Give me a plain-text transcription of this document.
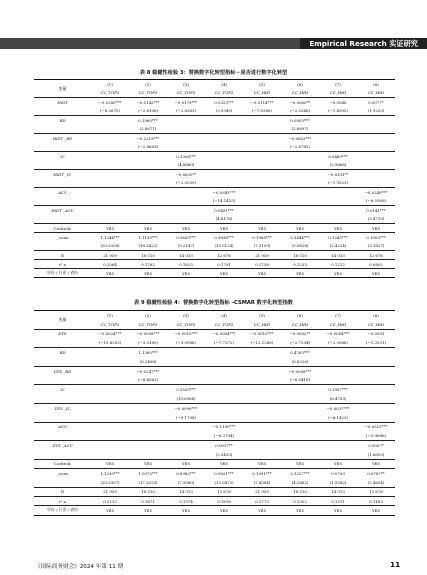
Empirical Research 实证研究
表 8 稳健性检验 3：替换数字化转型指标－是否进行数字化转型
变量	(1)	(2)	(3)	(4)	(5)	(6)	(7)	(8)
	CC_TOP5	CC_TOP5	CC_TOP5	CC_TOP5	CC_HHI	CC_HHI	CC_HHI	CC_HHI
HiDT	−0.0280***	−0.0142***	−0.0179***	0.0323***	−0.0114***	−0.0060**	−0.0048	0.0077*
	(−8.2670)	(−2.8106)	(−2.8383)	(3.0949)	(−7.5368)	(−2.5346)	(−1.4995)	(1.9253)
RD		0.1060***				0.0953***		
		(2.8671)				(2.8897)		
HiDT _RD		−0.2219***				−0.0803***		
		(−2.8669)				(−2.8785)		
IC			0.1306***				0.0489***	
			(4.8880)				(2.9868)	
HiDT _IC			−0.0635**				−0.0331**	
			(−2.0299)				(−1.9323)	
ACV				−0.0945***				−0.0249***
				(−14.1425)				(−8.5589)
HiDT _ACV				0.0491***				0.0141***
				(4.8176)				(3.4710)
Controls	YES	YES	YES	YES	YES	YES	YES	YES
_cons	1.1244***	1.1139***	0.9630***	0.9936***	0.1968***	0.1444***	0.1245***	0.1003***
	(20.3358)	(18.3422)	(9.2147)	(13.9124)	(7.3159)	(5.0828)	(2.4214)	(3.1827)
N	21 959	18 510	14 013	12 676	21 959	18 510	14 013	12 676
r².a	0.2064	0.1782	0.1825	0.1791	0.1738	0.1233	0.1212	0.0892
年份 / 行业 / 省份	YES	YES	YES	YES	YES	YES	YES	YES
表 9 稳健性检验 4：替换数字化转型指标 –CSMAR 数字化转型指数
变量	(1)	(2)	(3)	(4)	(5)	(6)	(7)	(8)
	CC_TOP5	CC_TOP5	CC_TOP5	CC_TOP5	CC_HHI	CC_HHI	CC_HHI	CC_HHI
DTS	−0.0024***	−0.0008***	−0.0010***	−0.0004***	−0.0010***	−0.0002**	−0.0004***	−0.0001
	(−13.8203)	(−3.3180)	(−3.0986)	(−7.7372)	(−12.1286)	(−2.7294)	(−2.3966)	(−1.3531)
RD		1.1380***				0.4763***		
		(8.2408)				(6.8226)		
DTS _RD		−0.0247***				−0.0098***		
		(−8.4062)				(−6.9416)		
IC			0.5539***				0.1997***	
			(10.6966)				(6.4753)	
DTS _IC			−0.0099***				−0.0037***	
			(−9.1798)				(−6.1422)	
ACV				−0.1199***				−0.0315***
				(−6.3794)				(−3.9686)
DTS _ACV				0.0017**				0.0007*
				(2.5433)				(1.6693)
Controls	YES	YES	YES	YES	YES	YES	YES	YES
_cons	1.1299***	1.0073***	0.8382***	0.9621***	0.1991***	0.1227***	0.0793	0.0787**
	(20.5337)	(17.3529)	(7.9980)	(13.0473)	(7.4384)	(4.2862)	(1.5582)	(2.4604)
N	21 959	18 510	14 013	12 676	21 959	18 510	14 013	12 676
r².a	0.2112	0.1871	0.1974	0.1816	0.1773	0.1302	0.1311	0.1185
年份 / 行业 / 省份	YES	YES	YES	YES	YES	YES	YES	YES
《国际商务财会》2024 年第 11 期	11
